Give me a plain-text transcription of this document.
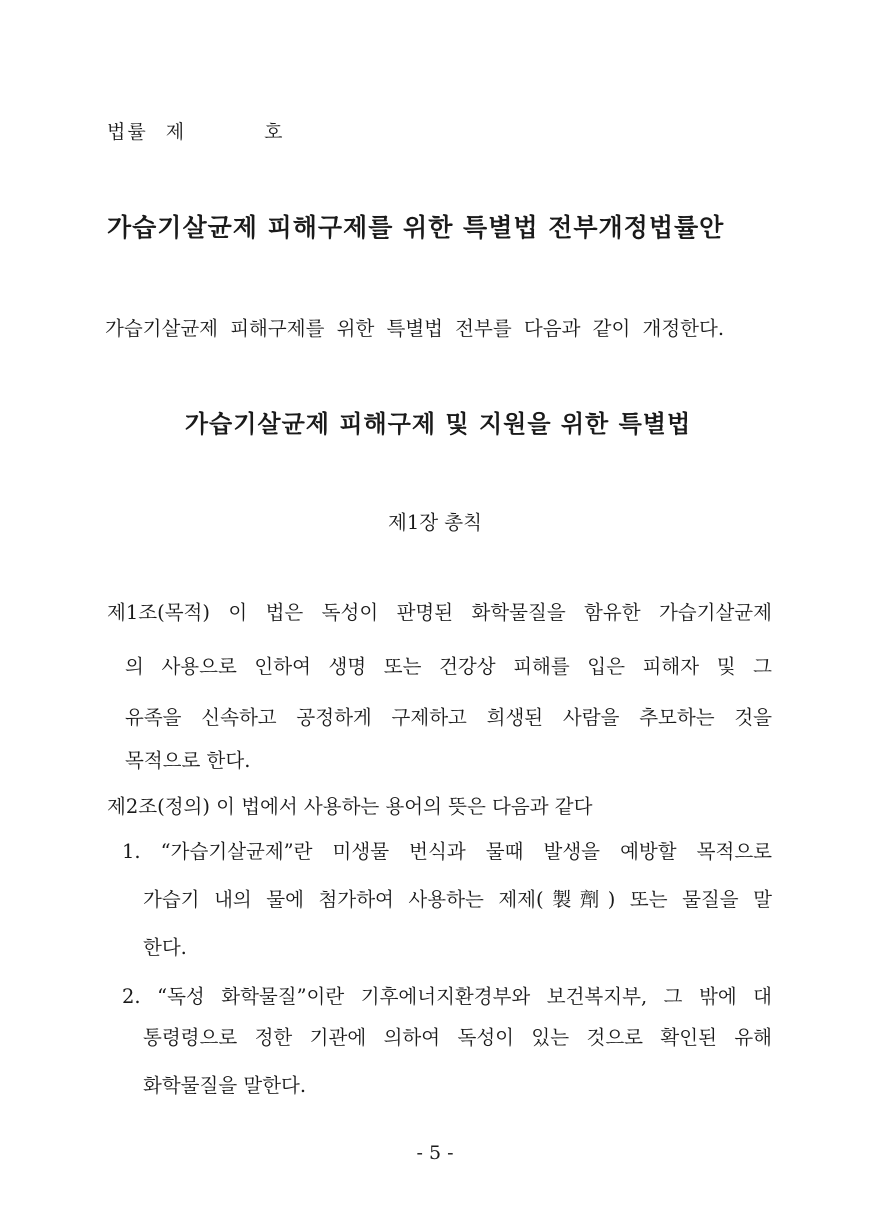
법률 제	호
가습기살균제 피해구제를 위한 특별법 전부개정법률안
가습기살균제 피해구제를 위한 특별법 전부를 다음과 같이 개정한다.
가습기살균제 피해구제 및 지원을 위한 특별법
제1장 총칙
제1조(목적) 이 법은 독성이 판명된 화학물질을 함유한 가습기살균제
의 사용으로 인하여 생명 또는 건강상 피해를 입은 피해자 및 그
유족을 신속하고 공정하게 구제하고 희생된 사람을 추모하는 것을
목적으로 한다.
제2조(정의) 이 법에서 사용하는 용어의 뜻은 다음과 같다
1. “가습기살균제”란 미생물 번식과 물때 발생을 예방할 목적으로
가습기 내의 물에 첨가하여 사용하는 제제(製劑) 또는 물질을 말
한다.
2. “독성 화학물질”이란 기후에너지환경부와 보건복지부, 그 밖에 대
통령령으로 정한 기관에 의하여 독성이 있는 것으로 확인된 유해
화학물질을 말한다.
- 5 -
